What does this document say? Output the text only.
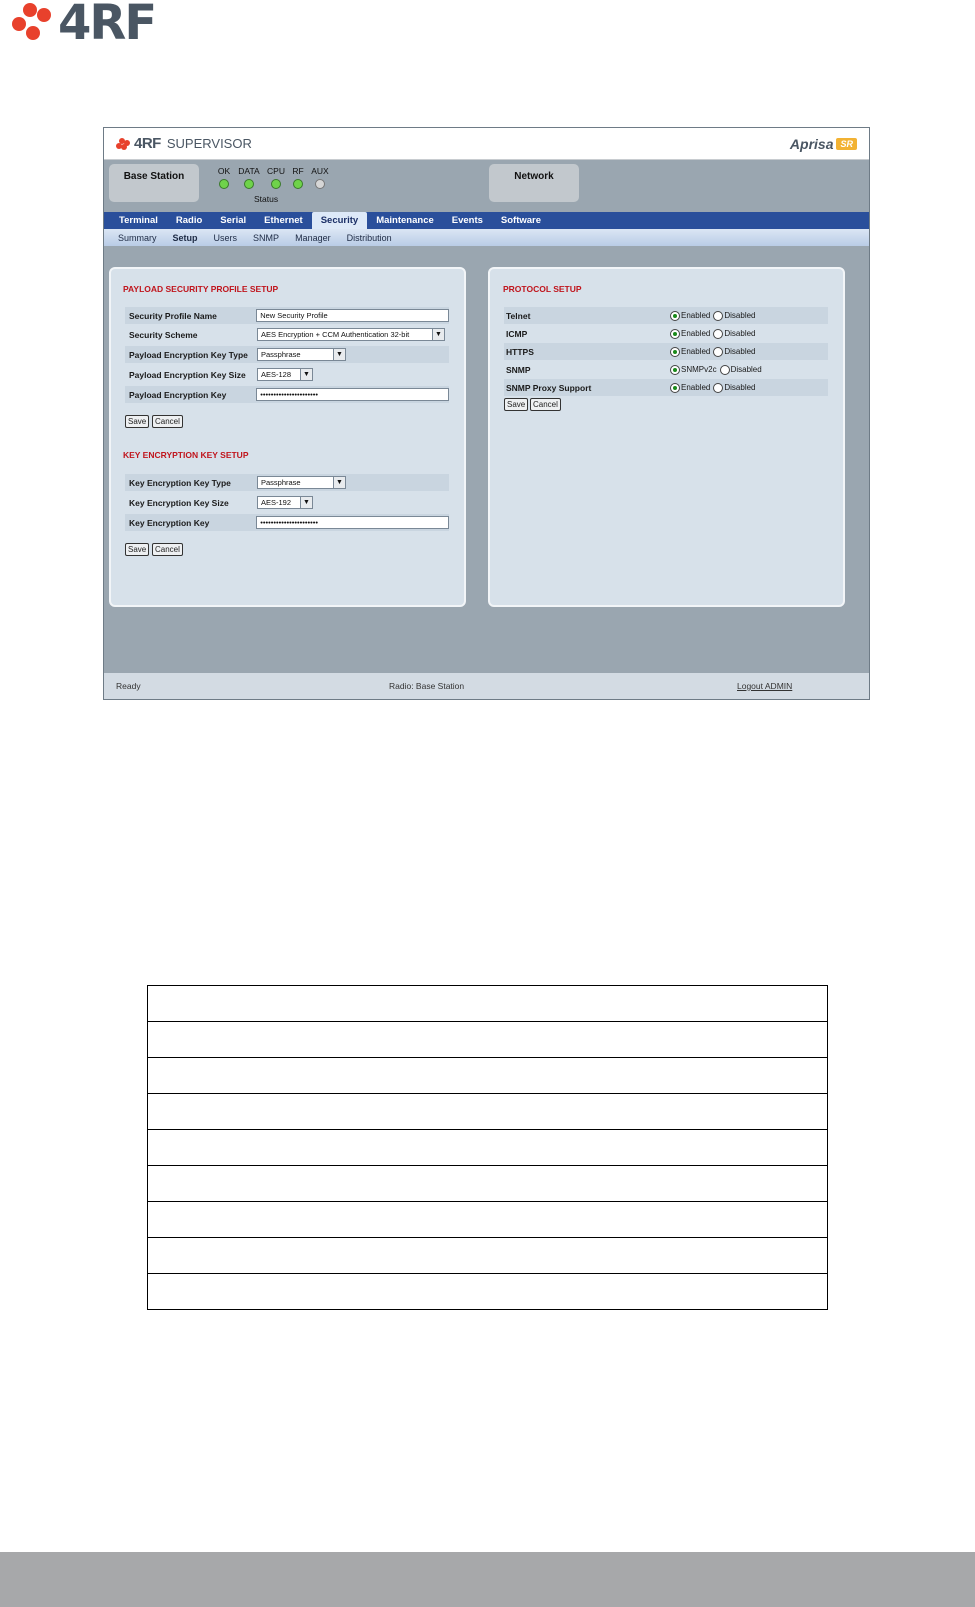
4RF
4RF SUPERVISOR	Aprisa SR
Base Station	OK DATA CPU RF AUX
Status
Network
Terminal	Radio	Serial	Ethernet	Security	Maintenance	Events	Software
Summary	Setup	Users	SNMP	Manager	Distribution
PAYLOAD SECURITY PROFILE SETUP
Security Profile Name	New Security Profile
Security Scheme	AES Encryption + CCM Authentication 32-bit	▼
Payload Encryption Key Type	Passphrase	▼
Payload Encryption Key Size	AES-128	▼
Payload Encryption Key	••••••••••••••••••••••
Save	Cancel
KEY ENCRYPTION KEY SETUP
Key Encryption Key Type	Passphrase	▼
Key Encryption Key Size	AES-192	▼
Key Encryption Key	••••••••••••••••••••••
Save	Cancel
PROTOCOL SETUP
Telnet	Enabled Disabled
ICMP	Enabled Disabled
HTTPS	Enabled Disabled
SNMP	SNMPv2c Disabled
SNMP Proxy Support	Enabled Disabled
Save Cancel
Ready	Radio: Base Station	Logout ADMIN
